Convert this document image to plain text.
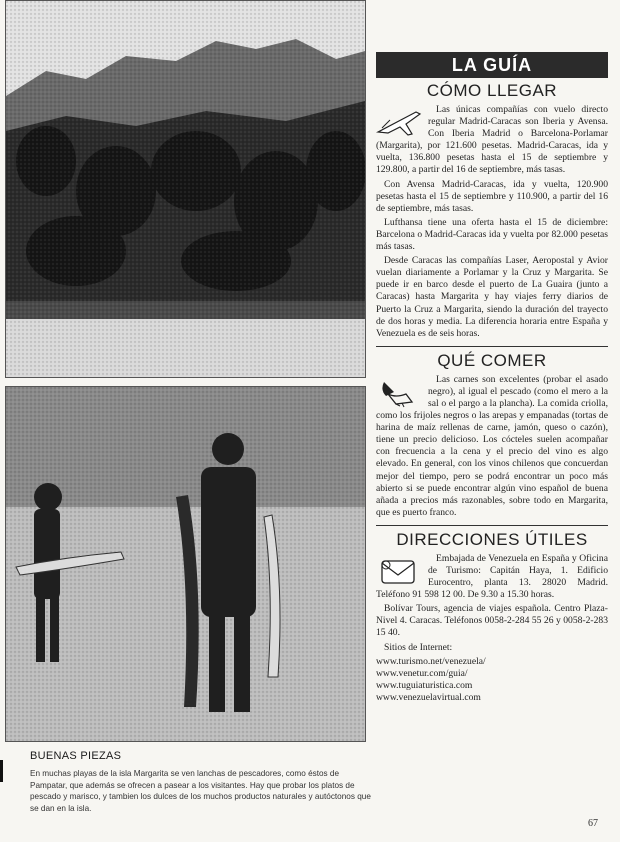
BUENAS PIEZAS
En muchas playas de la isla Margarita se ven lanchas de pescadores, como éstos de Pampatar, que además se ofrecen a pasear a los visitantes. Hay que probar los platos de pescado y marisco, y tambien los dulces de los muchos productos naturales y autóctonos que se dan en la isla.
LA GUÍA
CÓMO LLEGAR

Las únicas compañías con vuelo directo regular Madrid-Caracas son Iberia y Avensa. Con Iberia Madrid o Barcelona-Porlamar (Margarita), por 121.600 pesetas. Madrid-Caracas, ida y vuelta, 136.800 pesetas hasta el 15 de septiembre y 129.800, a partir del 16 de septiembre, más tasas.

Con Avensa Madrid-Caracas, ida y vuelta, 120.900 pesetas hasta el 15 de septiembre y 110.900, a partir del 16 de septiembre, más tasas.

Lufthansa tiene una oferta hasta el 15 de diciembre: Barcelona o Madrid-Caracas ida y vuelta por 82.000 pesetas más tasas.

Desde Caracas las compañías Laser, Aeropostal y Avior vuelan diariamente a Porlamar y la Cruz y Margarita. Se puede ir en barco desde el puerto de La Guaira (junto a Caracas) hasta Margarita y hay viajes ferry diarios de Puerto la Cruz a Margarita, siendo la duración del trayecto de dos horas y media. La diferencia horaria entre España y Venezuela es de seis horas.

QUÉ COMER

Las carnes son excelentes (probar el asado negro), al igual el pescado (como el mero a la sal o el pargo a la plancha). La comida criolla, como los frijoles negros o las arepas y empanadas (tortas de harina de maíz rellenas de carne, jamón, queso o cazón), tiene un precio delicioso. Los cócteles suelen acompañar con frecuencia a la cena y el precio del vino es algo elevado. En general, con los vinos chilenos que concuerdan mejor del tiempo, pero se podrá encontrar un poco más abierto si se puede encontrar algún vino español de buena añada a precios más razonables, sobre todo en Margarita, que es puerto franco.

DIRECCIONES ÚTILES

Embajada de Venezuela en España y Oficina de Turismo: Capitán Haya, 1. Edificio Eurocentro, planta 13. 28020 Madrid. Teléfono 91 598 12 00. De 9.30 a 15.30 horas.

Bolívar Tours, agencia de viajes española. Centro Plaza-Nivel 4. Caracas. Teléfonos 0058-2-284 55 26 y 0058-2-283 15 40.

Sitios de Internet:

www.turismo.net/venezuela/
www.venetur.com/guia/
www.tuguiaturistica.com
www.venezuelavirtual.com
67
